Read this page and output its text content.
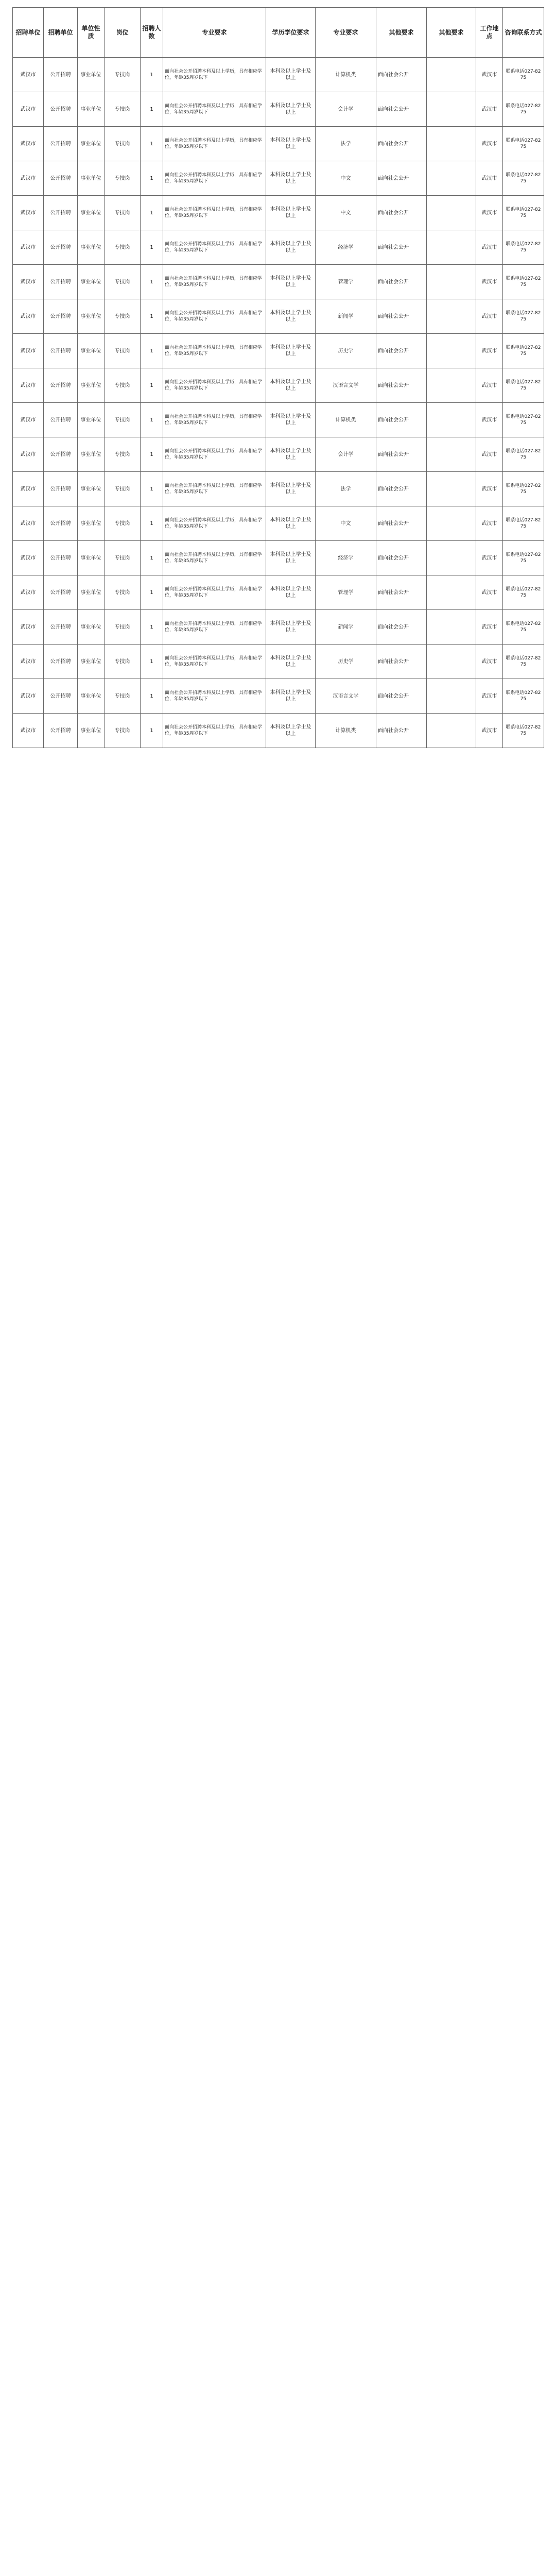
招聘单位	招聘单位	单位性质	岗位	招聘人数	专业要求	学历学位要求	专业要求	其他要求	其他要求	工作地点	咨询联系方式
武汉市	公开招聘	事业单位	专技岗	1	面向社会公开招聘本科及以上学历，具有相应学位，年龄35周岁以下	本科及以上学士及以上	计算机类	面向社会公开		武汉市	联系电话027-8275
武汉市	公开招聘	事业单位	专技岗	1	面向社会公开招聘本科及以上学历，具有相应学位，年龄35周岁以下	本科及以上学士及以上	会计学	面向社会公开		武汉市	联系电话027-8275
武汉市	公开招聘	事业单位	专技岗	1	面向社会公开招聘本科及以上学历，具有相应学位，年龄35周岁以下	本科及以上学士及以上	法学	面向社会公开		武汉市	联系电话027-8275
武汉市	公开招聘	事业单位	专技岗	1	面向社会公开招聘本科及以上学历，具有相应学位，年龄35周岁以下	本科及以上学士及以上	中文	面向社会公开		武汉市	联系电话027-8275
武汉市	公开招聘	事业单位	专技岗	1	面向社会公开招聘本科及以上学历，具有相应学位，年龄35周岁以下	本科及以上学士及以上	中文	面向社会公开		武汉市	联系电话027-8275
武汉市	公开招聘	事业单位	专技岗	1	面向社会公开招聘本科及以上学历，具有相应学位，年龄35周岁以下	本科及以上学士及以上	经济学	面向社会公开		武汉市	联系电话027-8275
武汉市	公开招聘	事业单位	专技岗	1	面向社会公开招聘本科及以上学历，具有相应学位，年龄35周岁以下	本科及以上学士及以上	管理学	面向社会公开		武汉市	联系电话027-8275
武汉市	公开招聘	事业单位	专技岗	1	面向社会公开招聘本科及以上学历，具有相应学位，年龄35周岁以下	本科及以上学士及以上	新闻学	面向社会公开		武汉市	联系电话027-8275
武汉市	公开招聘	事业单位	专技岗	1	面向社会公开招聘本科及以上学历，具有相应学位，年龄35周岁以下	本科及以上学士及以上	历史学	面向社会公开		武汉市	联系电话027-8275
武汉市	公开招聘	事业单位	专技岗	1	面向社会公开招聘本科及以上学历，具有相应学位，年龄35周岁以下	本科及以上学士及以上	汉语言文学	面向社会公开		武汉市	联系电话027-8275
武汉市	公开招聘	事业单位	专技岗	1	面向社会公开招聘本科及以上学历，具有相应学位，年龄35周岁以下	本科及以上学士及以上	计算机类	面向社会公开		武汉市	联系电话027-8275
武汉市	公开招聘	事业单位	专技岗	1	面向社会公开招聘本科及以上学历，具有相应学位，年龄35周岁以下	本科及以上学士及以上	会计学	面向社会公开		武汉市	联系电话027-8275
武汉市	公开招聘	事业单位	专技岗	1	面向社会公开招聘本科及以上学历，具有相应学位，年龄35周岁以下	本科及以上学士及以上	法学	面向社会公开		武汉市	联系电话027-8275
武汉市	公开招聘	事业单位	专技岗	1	面向社会公开招聘本科及以上学历，具有相应学位，年龄35周岁以下	本科及以上学士及以上	中文	面向社会公开		武汉市	联系电话027-8275
武汉市	公开招聘	事业单位	专技岗	1	面向社会公开招聘本科及以上学历，具有相应学位，年龄35周岁以下	本科及以上学士及以上	经济学	面向社会公开		武汉市	联系电话027-8275
武汉市	公开招聘	事业单位	专技岗	1	面向社会公开招聘本科及以上学历，具有相应学位，年龄35周岁以下	本科及以上学士及以上	管理学	面向社会公开		武汉市	联系电话027-8275
武汉市	公开招聘	事业单位	专技岗	1	面向社会公开招聘本科及以上学历，具有相应学位，年龄35周岁以下	本科及以上学士及以上	新闻学	面向社会公开		武汉市	联系电话027-8275
武汉市	公开招聘	事业单位	专技岗	1	面向社会公开招聘本科及以上学历，具有相应学位，年龄35周岁以下	本科及以上学士及以上	历史学	面向社会公开		武汉市	联系电话027-8275
武汉市	公开招聘	事业单位	专技岗	1	面向社会公开招聘本科及以上学历，具有相应学位，年龄35周岁以下	本科及以上学士及以上	汉语言文学	面向社会公开		武汉市	联系电话027-8275
武汉市	公开招聘	事业单位	专技岗	1	面向社会公开招聘本科及以上学历，具有相应学位，年龄35周岁以下	本科及以上学士及以上	计算机类	面向社会公开		武汉市	联系电话027-8275
